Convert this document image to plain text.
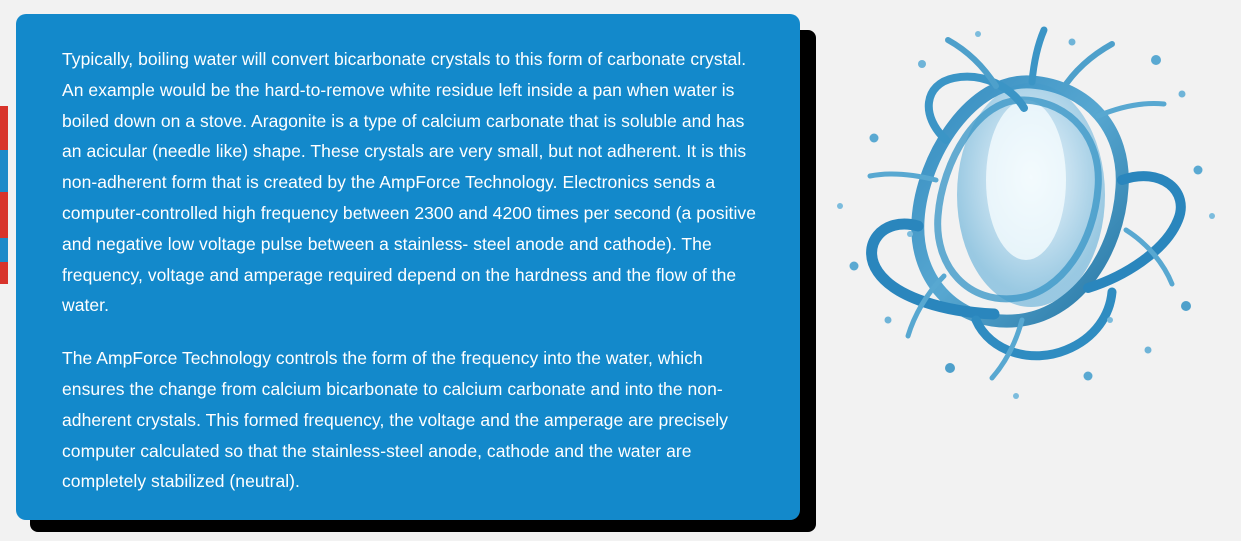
Typically, boiling water will convert bicarbonate crystals to this form of carbonate crystal. An example would be the hard-to-remove white residue left inside a pan when water is boiled down on a stove. Aragonite is a type of calcium carbonate that is soluble and has an acicular (needle like) shape. These crystals are very small, but not adherent. It is this non-adherent form that is created by the AmpForce Technology. Electronics sends a computer-controlled high frequency between 2300 and 4200 times per second (a positive and negative low voltage pulse between a stainless- steel anode and cathode). The frequency, voltage and amperage required depend on the hardness and the flow of the water.

The AmpForce Technology controls the form of the frequency into the water, which ensures the change from calcium bicarbonate to calcium carbonate and into the non-adherent crystals. This formed frequency, the voltage and the amperage are precisely computer calculated so that the stainless-steel anode, cathode and the water are completely stabilized (neutral).
